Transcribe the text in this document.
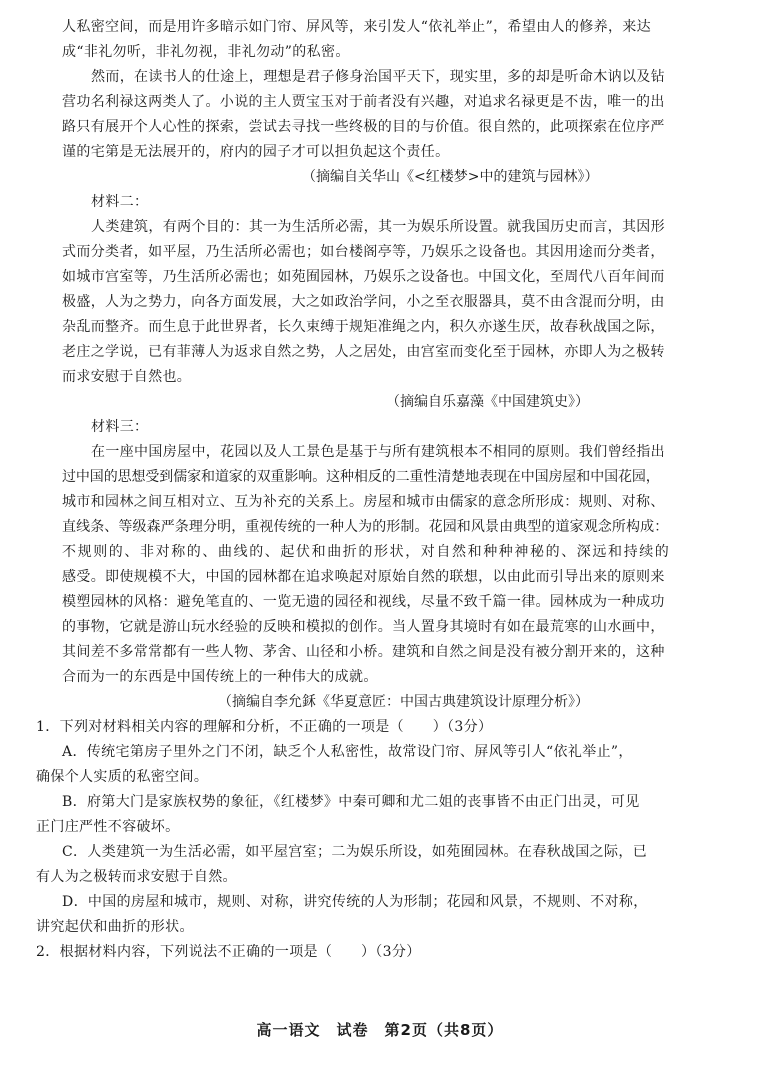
人私密空间，而是用许多暗示如门帘、屏风等，来引发人“依礼举止”，希望由人的修养，来达
成“非礼勿听，非礼勿视，非礼勿动”的私密。
然而，在读书人的仕途上，理想是君子修身治国平天下，现实里，多的却是听命木讷以及钻
营功名利禄这两类人了。小说的主人贾宝玉对于前者没有兴趣，对追求名禄更是不齿，唯一的出
路只有展开个人心性的探索，尝试去寻找一些终极的目的与价值。很自然的，此项探索在位序严
谨的宅第是无法展开的，府内的园子才可以担负起这个责任。
（摘编自关华山《<红楼梦>中的建筑与园林》）
材料二：
人类建筑，有两个目的：其一为生活所必需，其一为娱乐所设置。就我国历史而言，其因形
式而分类者，如平屋，乃生活所必需也；如台楼阁亭等，乃娱乐之设备也。其因用途而分类者，
如城市宫室等，乃生活所必需也；如苑囿园林，乃娱乐之设备也。中国文化，至周代八百年间而
极盛，人为之势力，向各方面发展，大之如政治学问，小之至衣服器具，莫不由含混而分明，由
杂乱而整齐。而生息于此世界者，长久束缚于规矩准绳之内，积久亦遂生厌，故春秋战国之际，
老庄之学说，已有菲薄人为返求自然之势，人之居处，由宫室而变化至于园林，亦即人为之极转
而求安慰于自然也。
（摘编自乐嘉藻《中国建筑史》）
材料三：
在一座中国房屋中，花园以及人工景色是基于与所有建筑根本不相同的原则。我们曾经指出
过中国的思想受到儒家和道家的双重影响。这种相反的二重性清楚地表现在中国房屋和中国花园，
城市和园林之间互相对立、互为补充的关系上。房屋和城市由儒家的意念所形成：规则、对称、
直线条、等级森严条理分明，重视传统的一种人为的形制。花园和风景由典型的道家观念所构成：
不规则的、非对称的、曲线的、起伏和曲折的形状，对自然和种种神秘的、深远和持续的
感受。即使规模不大，中国的园林都在追求唤起对原始自然的联想，以由此而引导出来的原则来
模塑园林的风格：避免笔直的、一览无遗的园径和视线，尽量不致千篇一律。园林成为一种成功
的事物，它就是游山玩水经验的反映和模拟的创作。当人置身其境时有如在最荒寒的山水画中，
其间差不多常常都有一些人物、茅舍、山径和小桥。建筑和自然之间是没有被分割开来的，这种
合而为一的东西是中国传统上的一种伟大的成就。
（摘编自李允鉌《华夏意匠：中国古典建筑设计原理分析》）
1．下列对材料相关内容的理解和分析，不正确的一项是（　　）（3分）
A．传统宅第房子里外之门不闭，缺乏个人私密性，故常设门帘、屏风等引人“依礼举止”，
确保个人实质的私密空间。
B．府第大门是家族权势的象征，《红楼梦》中秦可卿和尤二姐的丧事皆不由正门出灵，可见
正门庄严性不容破坏。
C．人类建筑一为生活必需，如平屋宫室；二为娱乐所设，如苑囿园林。在春秋战国之际，已
有人为之极转而求安慰于自然。
D．中国的房屋和城市，规则、对称，讲究传统的人为形制；花园和风景，不规则、不对称，
讲究起伏和曲折的形状。
2．根据材料内容，下列说法不正确的一项是（　　）（3分）
高一语文　试卷　第2页（共8页）
